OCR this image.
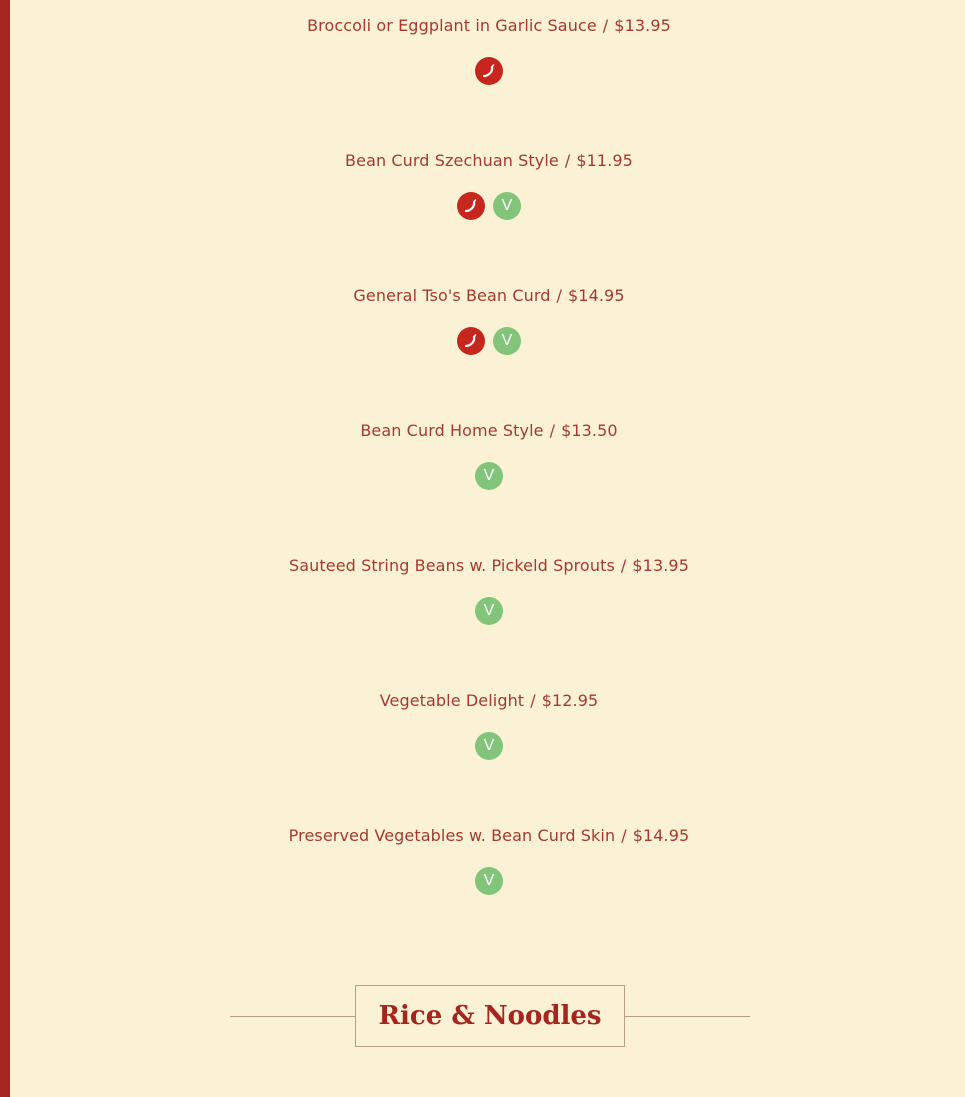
Broccoli or Eggplant in Garlic Sauce / $13.95
Bean Curd Szechuan Style / $11.95
V
General Tso's Bean Curd / $14.95
V
Bean Curd Home Style / $13.50
V
Sauteed String Beans w. Pickeld Sprouts / $13.95
V
Vegetable Delight / $12.95
V
Preserved Vegetables w. Bean Curd Skin / $14.95
V
Rice & Noodles
